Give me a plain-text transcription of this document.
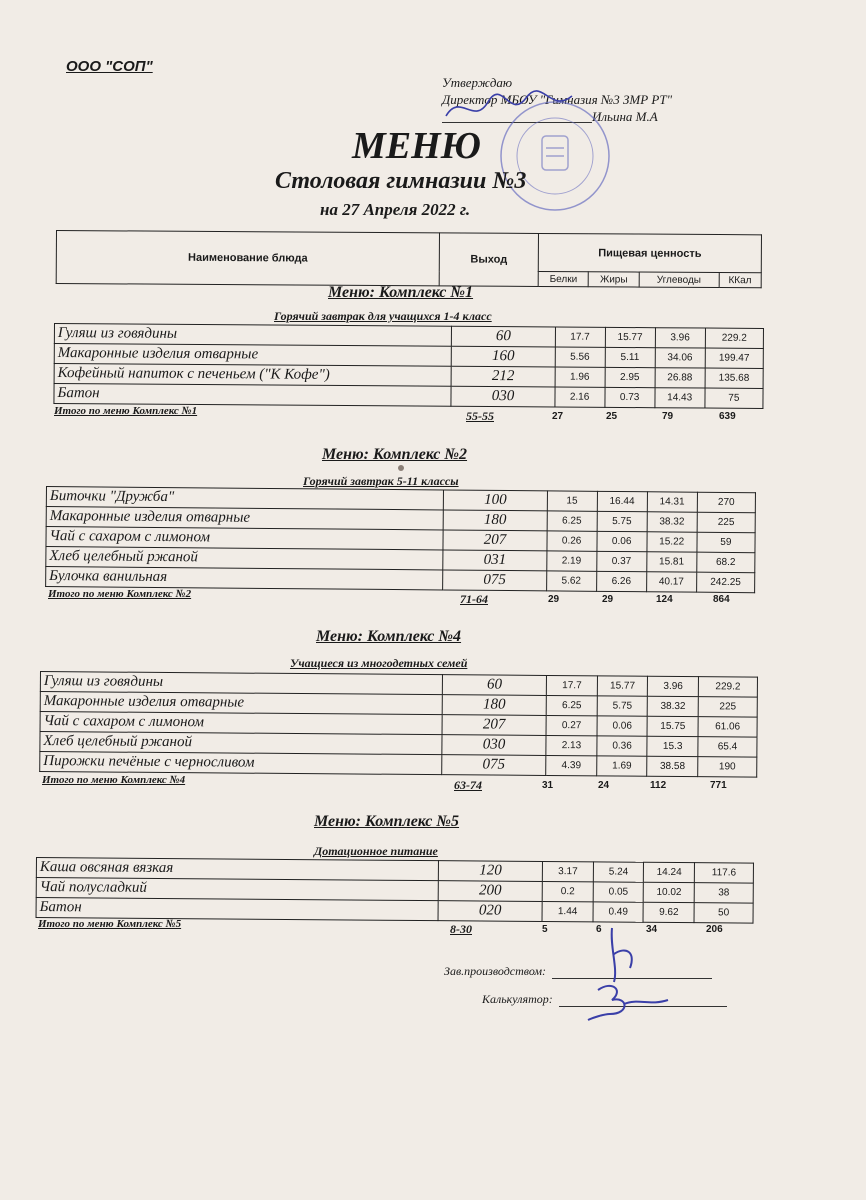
ООО "СОП"
Утверждаю
Директор МБОУ "Гимназия №3 ЗМР РТ"
Ильина М.А
МЕНЮ
Столовая гимназии №3
на 27 Апреля 2022 г.
Наименование блюда	Выход	Пищевая ценность			
		Белки	Жиры	Углеводы	ККал
Меню: Комплекс №1
Горячий завтрак для учащихся 1-4 класс
Гуляш из говядины	60	17.7	15.77	3.96	229.2
Макаронные изделия отварные	160	5.56	5.11	34.06	199.47
Кофейный напиток с печеньем ("К Кофе")	212	1.96	2.95	26.88	135.68
Батон	030	2.16	0.73	14.43	75
Итого по меню Комплекс №1	55-55	27	25	79	639
Меню: Комплекс №2
Горячий завтрак 5-11 классы
Биточки "Дружба"	100	15	16.44	14.31	270
Макаронные изделия отварные	180	6.25	5.75	38.32	225
Чай с сахаром с лимоном	207	0.26	0.06	15.22	59
Хлеб целебный ржаной	031	2.19	0.37	15.81	68.2
Булочка ванильная	075	5.62	6.26	40.17	242.25
Итого по меню Комплекс №2	71-64	29	29	124	864
Меню: Комплекс №4
Учащиеся из многодетных семей
Гуляш из говядины	60	17.7	15.77	3.96	229.2
Макаронные изделия отварные	180	6.25	5.75	38.32	225
Чай с сахаром с лимоном	207	0.27	0.06	15.75	61.06
Хлеб целебный ржаной	030	2.13	0.36	15.3	65.4
Пирожки печёные с черносливом	075	4.39	1.69	38.58	190
Итого по меню Комплекс №4	63-74	31	24	112	771
Меню: Комплекс №5
Дотационное питание
Каша овсяная вязкая	120	3.17	5.24	14.24	117.6
Чай полусладкий	200	0.2	0.05	10.02	38
Батон	020	1.44	0.49	9.62	50
Итого по меню Комплекс №5	8-30	5	6	34	206
Зав.производством:
Калькулятор:
